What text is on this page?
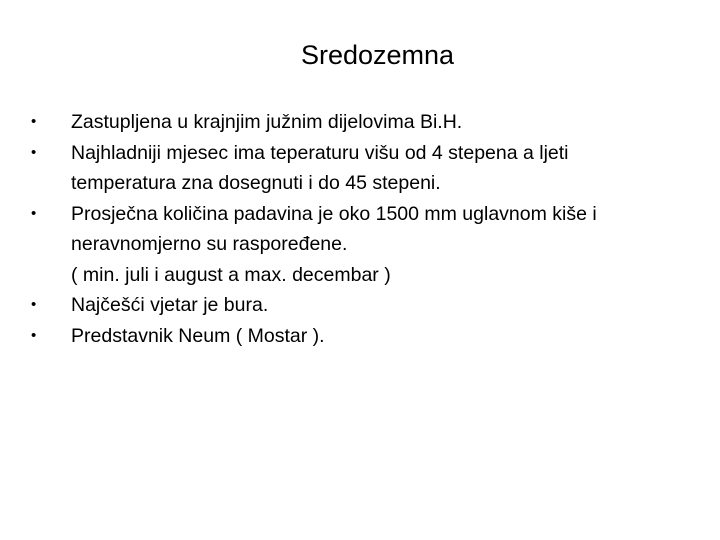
Sredozemna
•	Zastupljena u krajnjim južnim dijelovima Bi.H.
•	Najhladniji mjesec ima teperaturu višu od 4 stepena a ljeti
temperatura zna dosegnuti i do 45 stepeni.
•	Prosječna količina padavina je oko 1500 mm uglavnom kiše i
neravnomjerno su raspoređene.
( min. juli i august a max. decembar )
•	Najčešći vjetar je bura.
•	Predstavnik Neum ( Mostar ).
